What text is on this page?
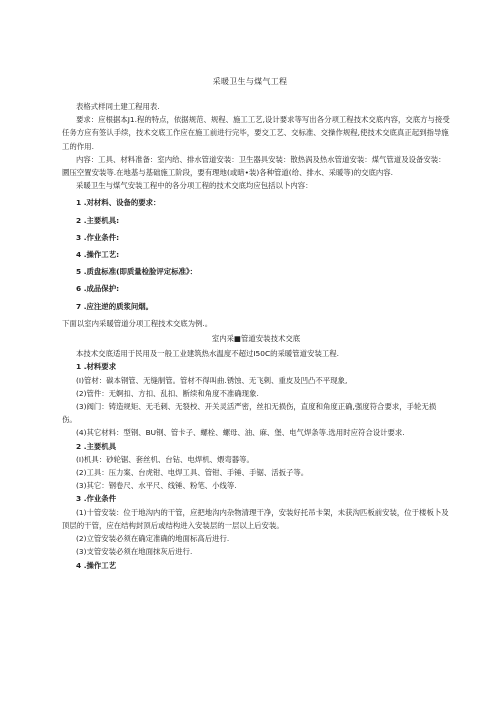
采暖卫生与煤气工程

表格式样同土建工程用表.

要求：应根据本J1.程的特点，依据规范、规程、施工工艺,设计要求等写出各分项工程技术交底内容，交底方与接受任务方应有签认手续，技术交底工作应在施工前进行完毕，要交工艺、交标准、交操作规程,使技术交底真正起到指导施工的作用.

内容：工具、材料准备：室内给、排水管道安装：卫生器具安装：散热涡及热水管道安装：煤气管道及设备安装：圜压空置安装等.在地基与基础施工阶段，要有理地(或暗•装)各种管道(给、排水、采暖等)的交底内容.

采暖卫生与煤气安装工程中的各分项工程的技术交底均应包括以卜内容：

1 .对材料、设备的要求：

2 .主要机具:

3 .作业条件:

4 .操作工艺:

5 .质盘标准(即质量检脸评定标准》：

6 .成品保护:

7 .应注逆的质浆问烟。

下面以室内采暖管道分项工程技术交底为例.。

室内采■管道安装技术交底

本技术交底适用于民用及一般工业建筑热水温度不超过I50C的采暖管道安装工程.

1 .材料要求

(I)管材：碳本钢管、无缝制管。管材不得叫曲.锈蚀、无飞剌、重皮及凹凸不平现象,

(2)管件：无婀扣、方扣、乱扣、断续和角度不准确现象.

(3)阀门：铸造规矩、无毛刺、无裂校、开关灵活严密，丝扣无损伤，直度和角度正确,强度符合要求，手轮无损伤。

(4)其它材料：型钢、BU钢、管卡子、螺栓、螺母、油、麻、堡、电气焊条等.选用时应符合设计要求.

2 .主要机具

(I)机具：砂轮锯、套丝机、台钻、电焊机、煨弯器等。

(2)工具：压力案、台虎钳、电焊工具、管钳、手锤、手锯、活扳子等。

(3)其它：钢卷尺、水平尺、线锤、粉笔、小线等.

3 .作业条件

(1)十管安装：位于地沟内的干管，应把地沟内杂物清理干净，安装好托吊卡架，未获沟匹板前安装，位于楼板卜及顶层的干管，应在结构封顶后或结构进入安装层的一层以上后安装。

(2)立管安装必须在确定准确的地面标高后进行.

(3)支管安装必须在地面抹灰后进行.

4 .操作工艺
